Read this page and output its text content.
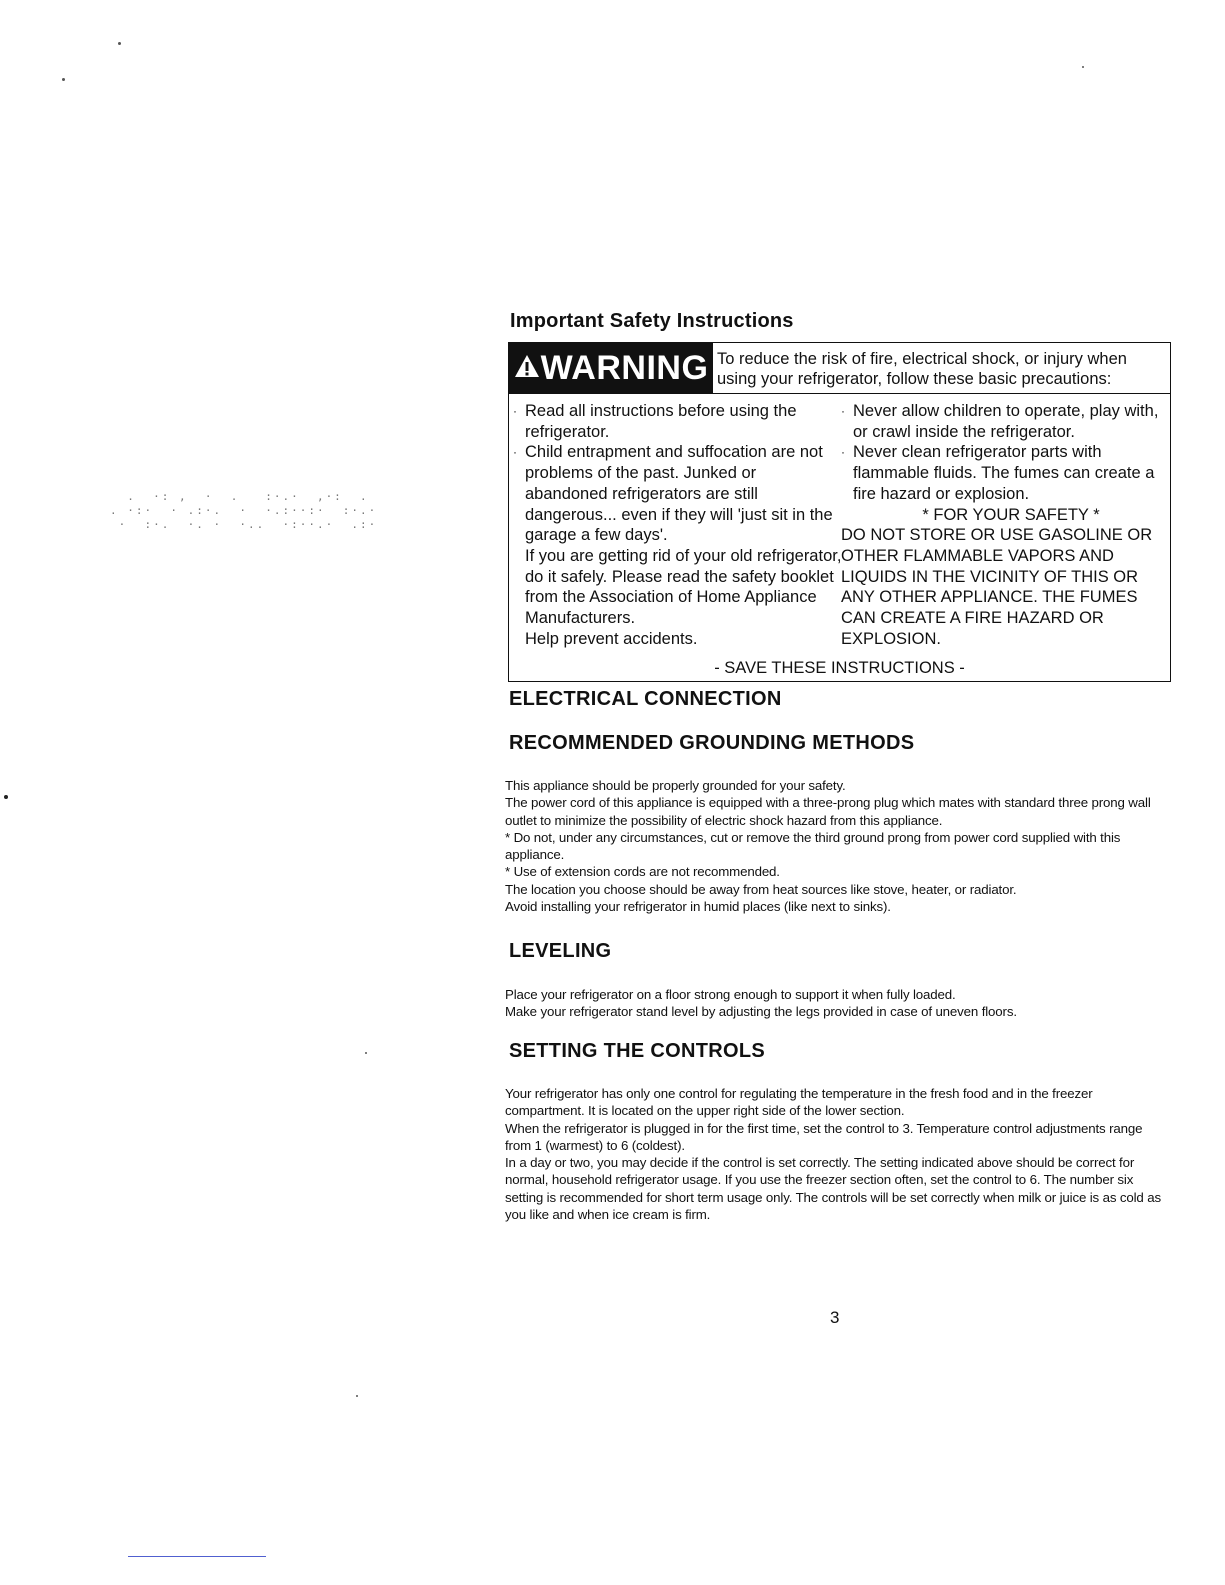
.  ·: ,  ·  .   :·.·  ,·:  .
. ·:·  · .:·.  ·  ·.:··:·  :·.·
·  :·.  ·. ·  ·..  ·:··.·  .:·
Important Safety Instructions
WARNING To reduce the risk of fire, electrical shock, or injury when using your refrigerator, follow these basic precautions:
· Read all instructions before using the refrigerator.
· Child entrapment and suffocation are not problems of the past. Junked or abandoned refrigerators are still dangerous... even if they will 'just sit in the garage a few days'.
If you are getting rid of your old refrigerator, do it safely. Please read the safety booklet from the Association of Home Appliance Manufacturers.
Help prevent accidents.
· Never allow children to operate, play with, or crawl inside the refrigerator.
· Never clean refrigerator parts with flammable fluids. The fumes can create a fire hazard or explosion.
* FOR YOUR SAFETY *
DO NOT STORE OR USE GASOLINE OR OTHER FLAMMABLE VAPORS AND LIQUIDS IN THE VICINITY OF THIS OR ANY OTHER APPLIANCE. THE FUMES CAN CREATE A FIRE HAZARD OR EXPLOSION.
- SAVE THESE INSTRUCTIONS -
ELECTRICAL CONNECTION
RECOMMENDED GROUNDING METHODS

This appliance should be properly grounded for your safety.

The power cord of this appliance is equipped with a three-prong plug which mates with standard three prong wall outlet to minimize the possibility of electric shock hazard from this appliance.

* Do not, under any circumstances, cut or remove the third ground prong from power cord supplied with this appliance.

* Use of extension cords are not recommended.

The location you choose should be away from heat sources like stove, heater, or radiator.

Avoid installing your refrigerator in humid places (like next to sinks).

LEVELING

Place your refrigerator on a floor strong enough to support it when fully loaded.

Make your refrigerator stand level by adjusting the legs provided in case of uneven floors.

SETTING THE CONTROLS

Your refrigerator has only one control for regulating the temperature in the fresh food and in the freezer compartment. It is located on the upper right side of the lower section.

When the refrigerator is plugged in for the first time, set the control to 3. Temperature control adjustments range from 1 (warmest) to 6 (coldest).

In a day or two, you may decide if the control is set correctly. The setting indicated above should be correct for normal, household refrigerator usage. If you use the freezer section often, set the control to 6. The number six setting is recommended for short term usage only. The controls will be set correctly when milk or juice is as cold as you like and when ice cream is firm.

3
